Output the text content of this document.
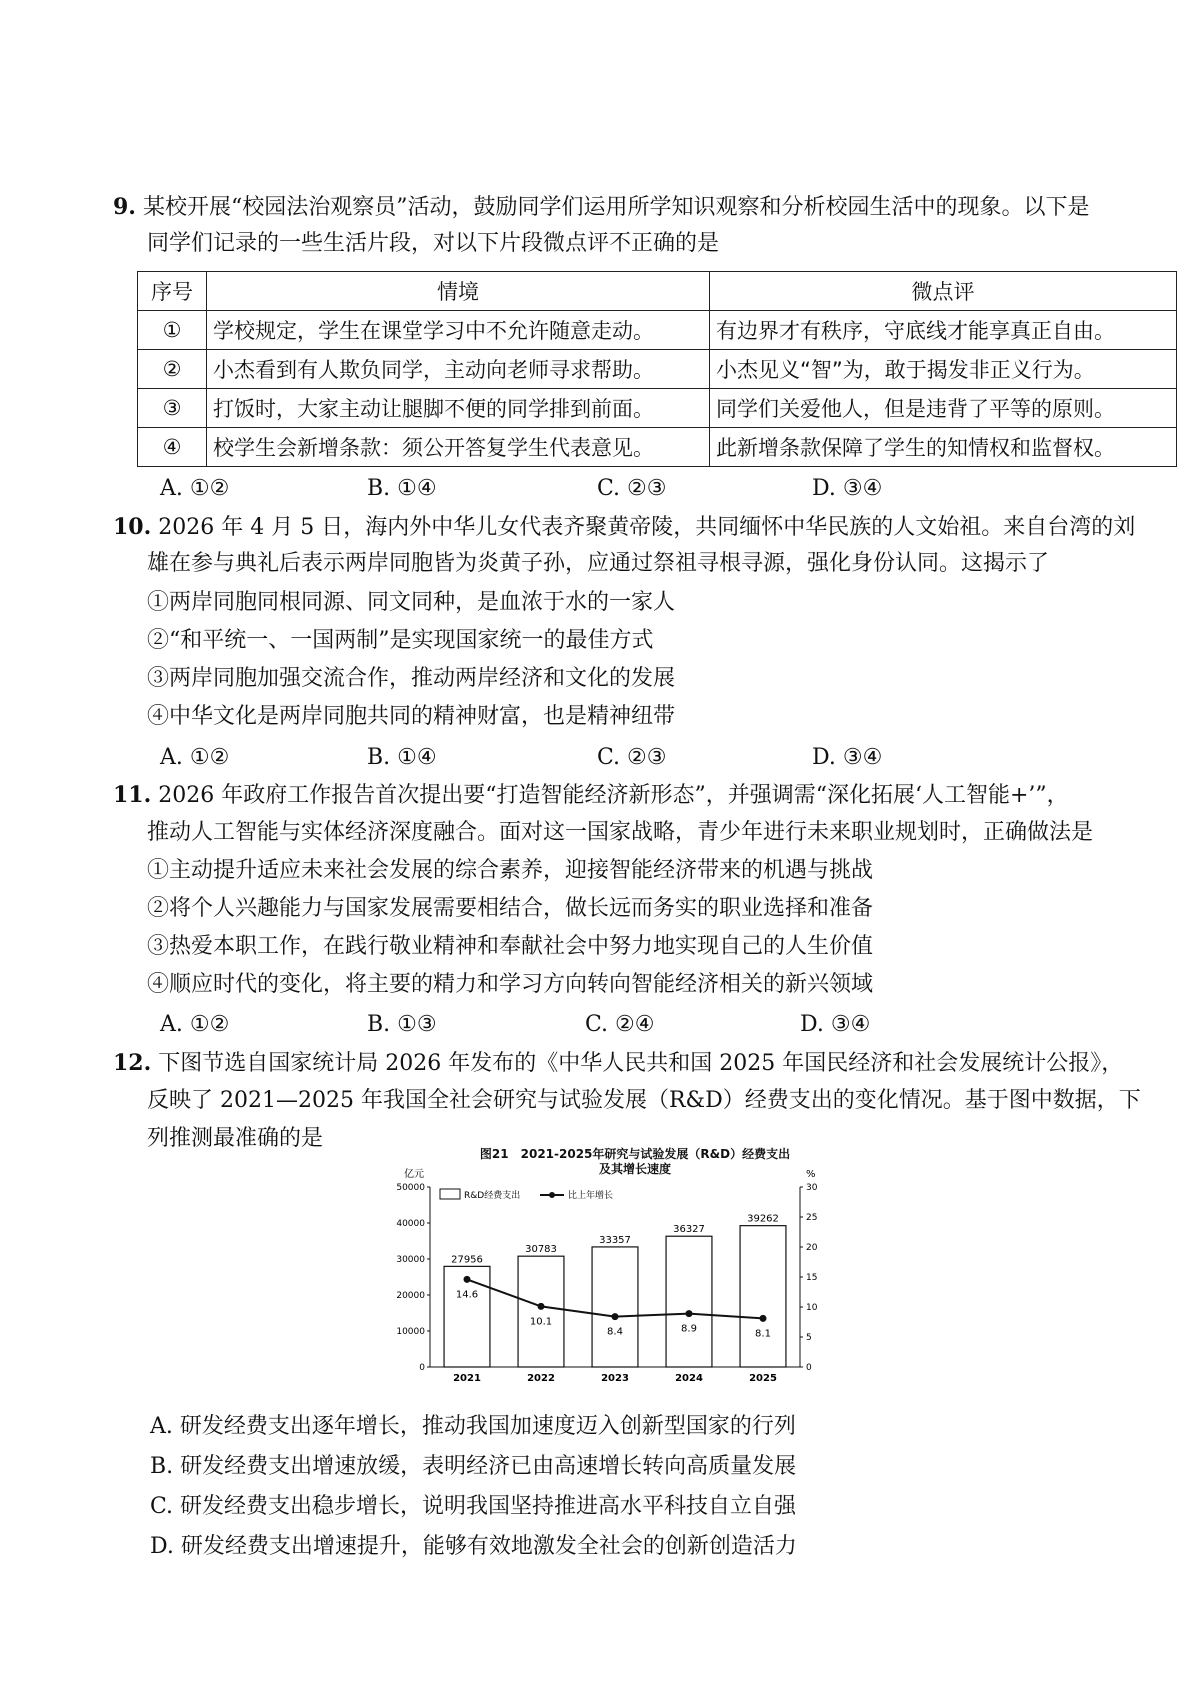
9. 某校开展“校园法治观察员”活动，鼓励同学们运用所学知识观察和分析校园生活中的现象。以下是
同学们记录的一些生活片段，对以下片段微点评不正确的是
序号	情境	微点评
①	学校规定，学生在课堂学习中不允许随意走动。	有边界才有秩序，守底线才能享真正自由。
②	小杰看到有人欺负同学，主动向老师寻求帮助。	小杰见义“智”为，敢于揭发非正义行为。
③	打饭时，大家主动让腿脚不便的同学排到前面。	同学们关爱他人，但是违背了平等的原则。
④	校学生会新增条款：须公开答复学生代表意见。	此新增条款保障了学生的知情权和监督权。
A. ①②	B. ①④	C. ②③	D. ③④
10. 2026 年 4 月 5 日，海内外中华儿女代表齐聚黄帝陵，共同缅怀中华民族的人文始祖。来自台湾的刘
雄在参与典礼后表示两岸同胞皆为炎黄子孙，应通过祭祖寻根寻源，强化身份认同。这揭示了
①两岸同胞同根同源、同文同种，是血浓于水的一家人
②“和平统一、一国两制”是实现国家统一的最佳方式
③两岸同胞加强交流合作，推动两岸经济和文化的发展
④中华文化是两岸同胞共同的精神财富，也是精神纽带
A. ①②	B. ①④	C. ②③	D. ③④
11. 2026 年政府工作报告首次提出要“打造智能经济新形态”，并强调需“深化拓展‘人工智能+’”，
推动人工智能与实体经济深度融合。面对这一国家战略，青少年进行未来职业规划时，正确做法是
①主动提升适应未来社会发展的综合素养，迎接智能经济带来的机遇与挑战
②将个人兴趣能力与国家发展需要相结合，做长远而务实的职业选择和准备
③热爱本职工作，在践行敬业精神和奉献社会中努力地实现自己的人生价值
④顺应时代的变化，将主要的精力和学习方向转向智能经济相关的新兴领域
A. ①②	B. ①③	C. ②④	D. ③④
12. 下图节选自国家统计局 2026 年发布的《中华人民共和国 2025 年国民经济和社会发展统计公报》，
反映了 2021—2025 年我国全社会研究与试验发展（R&D）经费支出的变化情况。基于图中数据，下
列推测最准确的是
图21　2021-2025年研究与试验发展（R&D）经费支出
及其增长速度
亿元	%
0
10000
20000
30000
40000
50000
0
5
10
15
20
25
30
27956
2021
30783
2022
33357
2023
36327
2024
39262
2025
14.6
10.1
8.4	8.9	8.1
R&D经费支出	比上年增长
A. 研发经费支出逐年增长，推动我国加速度迈入创新型国家的行列
B. 研发经费支出增速放缓，表明经济已由高速增长转向高质量发展
C. 研发经费支出稳步增长，说明我国坚持推进高水平科技自立自强
D. 研发经费支出增速提升，能够有效地激发全社会的创新创造活力
